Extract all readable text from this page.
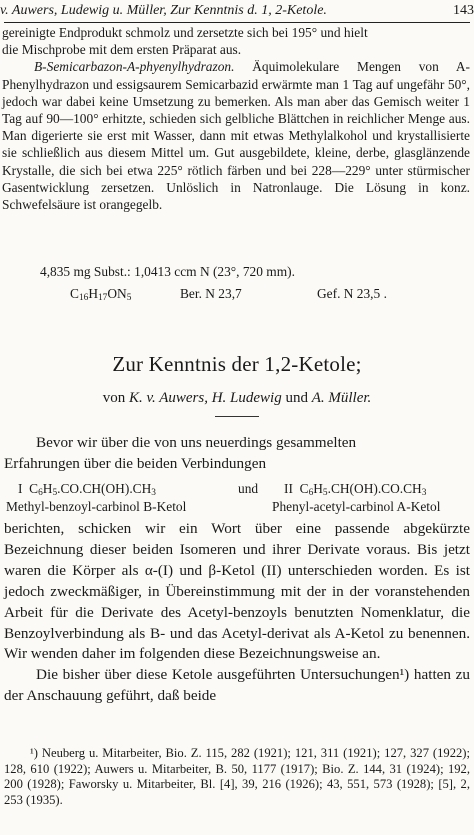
v. Auwers, Ludewig u. Müller, Zur Kenntnis d. 1, 2-Ketole.	143

gereinigte Endprodukt schmolz und zersetzte sich bei 195° und hielt

die Mischprobe mit dem ersten Präparat aus.

B-Semicarbazon-A-phyenylhydrazon. Äquimolekulare Mengen von A-Phenylhydrazon und essigsaurem Semicarbazid erwärmte man 1 Tag auf ungefähr 50°, jedoch war dabei keine Umsetzung zu bemerken. Als man aber das Gemisch weiter 1 Tag auf 90—100° erhitzte, schieden sich gelbliche Blättchen in reichlicher Menge aus. Man digerierte sie erst mit Wasser, dann mit etwas Methylalkohol und krystallisierte sie schließlich aus diesem Mittel um. Gut ausgebildete, kleine, derbe, glasglänzende Krystalle, die sich bei etwa 225° rötlich färben und bei 228—229° unter stürmischer Gasentwicklung zersetzen. Unlöslich in Natronlauge. Die Lösung in konz. Schwefelsäure ist orangegelb.

4,835 mg Subst.: 1,0413 ccm N (23°, 720 mm).
$C_{16}H_{17}ON_5$	Ber. N 23,7	Gef. N 23,5 .
Zur Kenntnis der 1,2-Ketole;
von K. v. Auwers, H. Ludewig und A. Müller.

Bevor wir über die von uns neuerdings gesammelten

Erfahrungen über die beiden Verbindungen

I  $C_6H_5.CO.CH(OH).CH_3$	und II  $C_6H_5.CH(OH).CO.CH_3$
Methyl-benzoyl-carbinol B-Ketol	Phenyl-acetyl-carbinol A-Ketol

berichten, schicken wir ein Wort über eine passende abgekürzte Bezeichnung dieser beiden Isomeren und ihrer Derivate voraus. Bis jetzt waren die Körper als α-(I) und β-Ketol (II) unterschieden worden. Es ist jedoch zweckmäßiger, in Übereinstimmung mit der in der voranstehenden Arbeit für die Derivate des Acetyl-benzoyls benutzten Nomenklatur, die Benzoylverbindung als B- und das Acetyl-derivat als A-Ketol zu benennen. Wir wenden daher im folgenden diese Bezeichnungsweise an.

Die bisher über diese Ketole ausgeführten Untersuchungen¹) hatten zu der Anschauung geführt, daß beide

¹) Neuberg u. Mitarbeiter, Bio. Z. 115, 282 (1921); 121, 311 (1921); 127, 327 (1922); 128, 610 (1922); Auwers u. Mitarbeiter, B. 50, 1177 (1917); Bio. Z. 144, 31 (1924); 192, 200 (1928); Faworsky u. Mitarbeiter, Bl. [4], 39, 216 (1926); 43, 551, 573 (1928); [5], 2, 253 (1935).
